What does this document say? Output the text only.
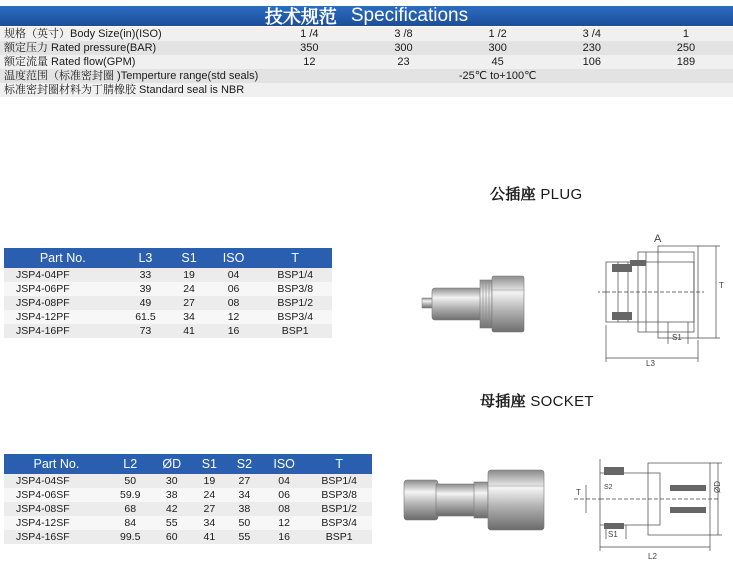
技术规范 Specifications
规格（英寸）Body Size(in)(ISO)	1 /4	3 /8	1 /2	3 /4	1
额定压力 Rated pressure(BAR)	350	300	300	230	250
额定流量 Rated flow(GPM)	12	23	45	106	189
温度范围（标准密封圈 )Temperture range(std seals)	-25℃ to+100℃				
标准密封圈材料为丁腈橡胶 Standard seal is NBR					
公插座 PLUG
Part No.	L3	S1	ISO	T
JSP4-04PF	33	19	04	BSP1/4
JSP4-06PF	39	24	06	BSP3/8
JSP4-08PF	49	27	08	BSP1/2
JSP4-12PF	61.5	34	12	BSP3/4
JSP4-16PF	73	41	16	BSP1
A
T
S1
L3
母插座 SOCKET
Part No.	L2	ØD	S1	S2	ISO	T
JSP4-04SF	50	30	19	27	04	BSP1/4
JSP4-06SF	59.9	38	24	34	06	BSP3/8
JSP4-08SF	68	42	27	38	08	BSP1/2
JSP4-12SF	84	55	34	50	12	BSP3/4
JSP4-16SF	99.5	60	41	55	16	BSP1
T
S2
S1
ØD
L2
